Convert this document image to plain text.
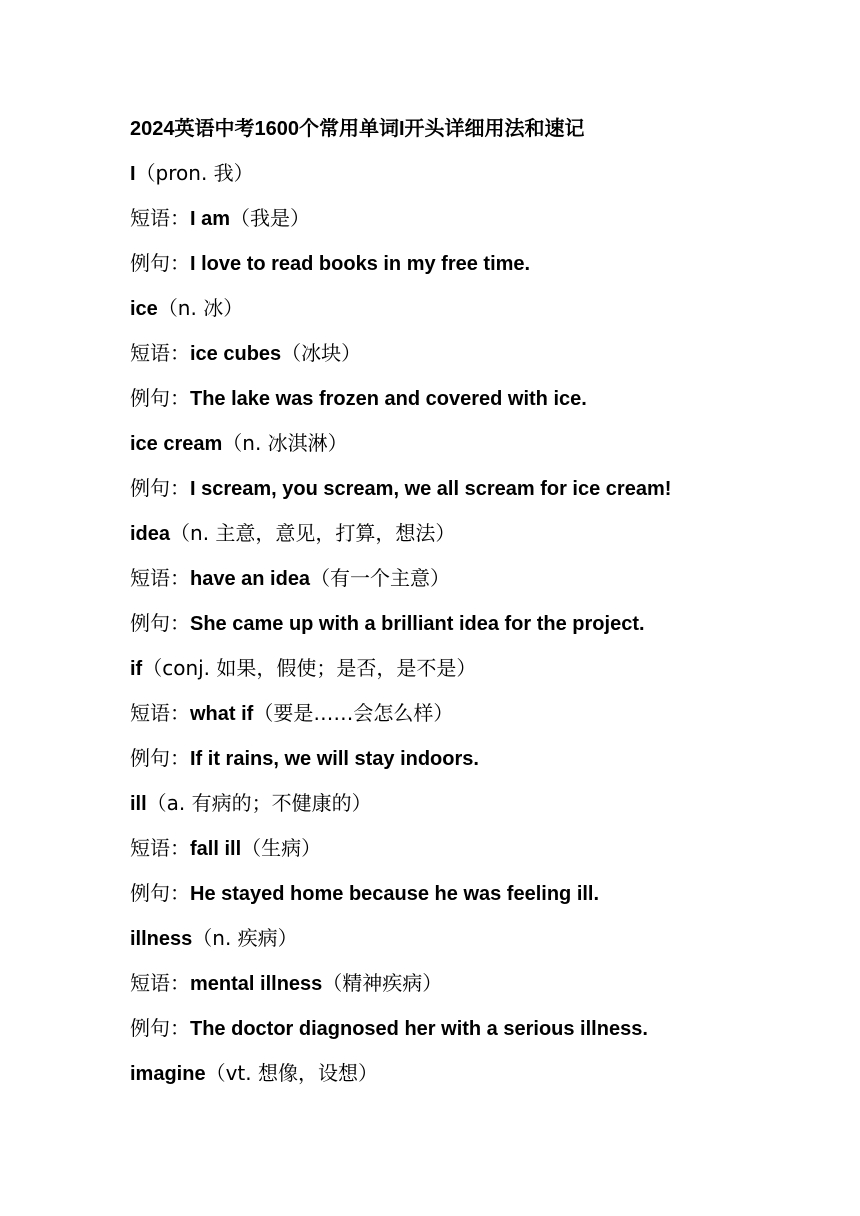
2024英语中考1600个常用单词I开头详细用法和速记
I（pron. 我）
短语：I am（我是）
例句：I love to read books in my free time.
ice（n. 冰）
短语：ice cubes（冰块）
例句：The lake was frozen and covered with ice.
ice cream（n. 冰淇淋）
例句：I scream, you scream, we all scream for ice cream!
idea（n. 主意，意见，打算，想法）
短语：have an idea（有一个主意）
例句：She came up with a brilliant idea for the project.
if（conj. 如果，假使；是否，是不是）
短语：what if（要是……会怎么样）
例句：If it rains, we will stay indoors.
ill（a. 有病的；不健康的）
短语：fall ill（生病）
例句：He stayed home because he was feeling ill.
illness（n. 疾病）
短语：mental illness（精神疾病）
例句：The doctor diagnosed her with a serious illness.
imagine（vt. 想像，设想）
